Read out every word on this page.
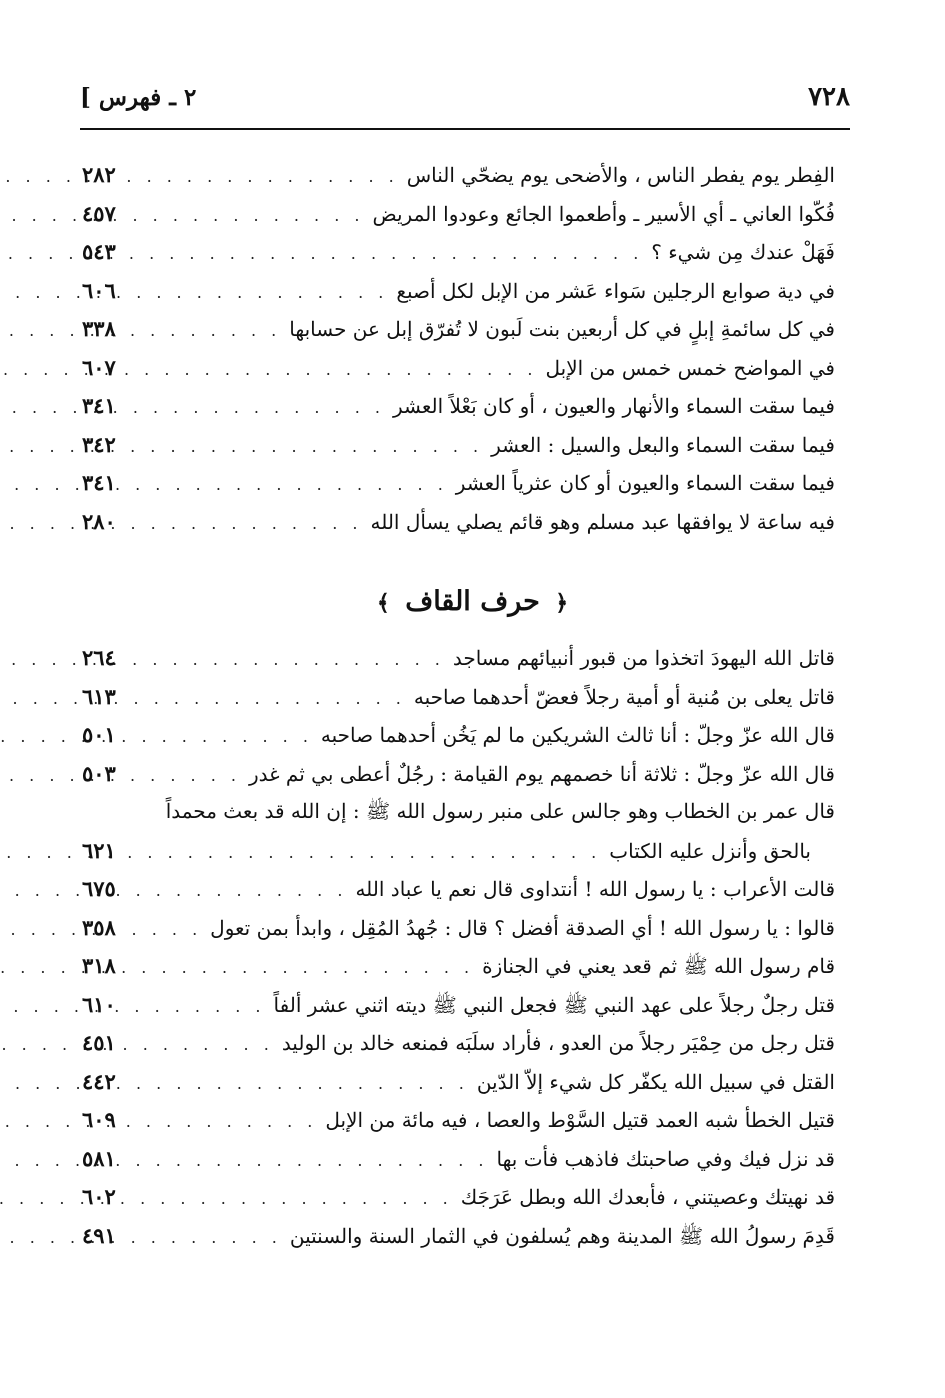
٧٢٨
[ ٢ ـ فهرس
الفِطر يوم يفطر الناس ، والأضحى يوم يضحّي الناس
. . .
٢٨٢
فُكّوا العاني ـ أي الأسير ـ وأطعموا الجائع وعودوا المريض
. . .
٤٥٧
فَهَلْ عندك مِن شيء ؟
. . .
٥٤٣
في دية صوابع الرجلين سَواء عَشر من الإبل لكل أصبع
. . .
٦٠٦
في كل سائمةِ إبلٍ في كل أربعين بنت لَبون لا تُفرّق إبل عن حسابها
. . .
٣٣٨
في المواضح خمس خمس من الإبل
. . .
٦٠٧
فيما سقت السماء والأنهار والعيون ، أو كان بَعْلاً العشر
. . .
٣٤١
فيما سقت السماء والبعل والسيل : العشر
. . .
٣٤٢
فيما سقت السماء والعيون أو كان عثرياً العشر
. . .
٣٤١
فيه ساعة لا يوافقها عبد مسلم وهو قائم يصلي يسأل الله
. . .
٢٨٠
﴿ حرف القاف ﴾
قاتل الله اليهودَ اتخذوا من قبور أنبيائهم مساجد
. . .
٢٦٤
قاتل يعلى بن مُنية أو أمية رجلاً فعضّ أحدهما صاحبه
. . .
٦١٣
قال الله عزّ وجلّ : أنا ثالث الشريكين ما لم يَخُن أحدهما صاحبه
. . .
٥٠١
قال الله عزّ وجلّ : ثلاثة أنا خصمهم يوم القيامة : رجُلٌ أعطى بي ثم غدر
. . .
٥٠٣
قال عمر بن الخطاب وهو جالس على منبر رسول الله ﷺ : إن الله قد بعث محمداً
بالحق وأنزل عليه الكتاب
. . .
٦٢١
قالت الأعراب : يا رسول الله ! أنتداوى قال نعم يا عباد الله
. . .
٦٧٥
قالوا : يا رسول الله ! أي الصدقة أفضل ؟ قال : جُهدُ المُقِل ، وابدأ بمن تعول
. . .
٣٥٨
قام رسول الله ﷺ ثم قعد يعني في الجنازة
. . .
٣١٨
قتل رجلٌ رجلاً على عهد النبي ﷺ فجعل النبي ﷺ ديته اثني عشر ألفاً
. . .
٦١٠
قتل رجل من حِمْيَر رجلاً من العدو ، فأراد سلَبَه فمنعه خالد بن الوليد
. . .
٤٥١
القتل في سبيل الله يكفّر كل شيء إلاّ الدّين
. . .
٤٤٢
قتيل الخطأ شبه العمد قتيل السَّوْط والعصا ، فيه مائة من الإبل
. . .
٦٠٩
قد نزل فيك وفي صاحبتك فاذهب فأت بها
. . .
٥٨١
قد نهيتك وعصيتني ، فأبعدك الله وبطل عَرَجَك
. . .
٦٠٢
قَدِمَ رسولُ الله ﷺ المدينة وهم يُسلفون في الثمار السنة والسنتين
. . .
٤٩١
